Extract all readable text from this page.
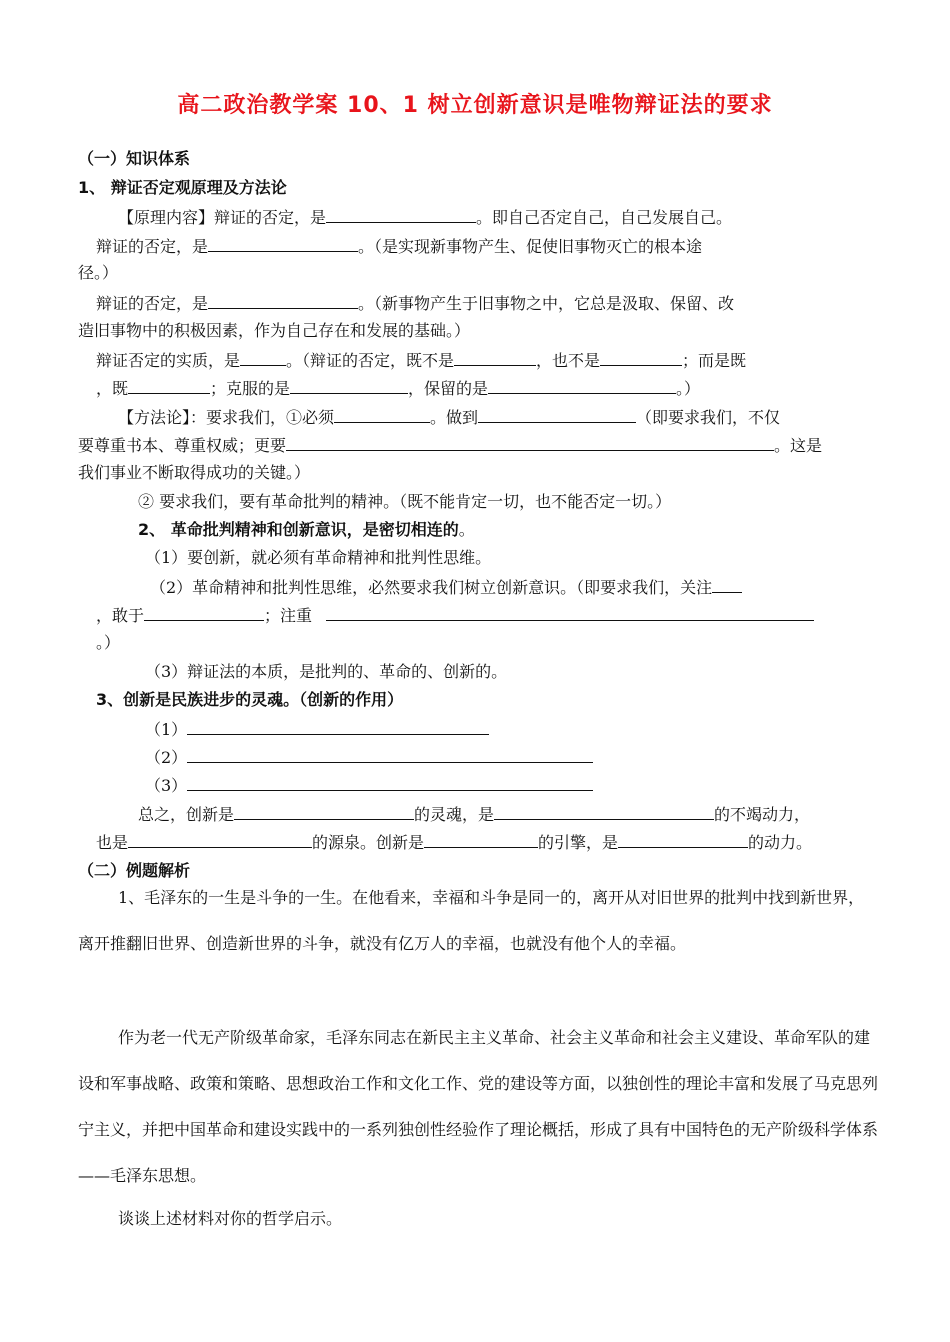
高二政治教学案 10、1 树立创新意识是唯物辩证法的要求
（一）知识体系
1、 辩证否定观原理及方法论
【原理内容】辩证的否定，是	。即自己否定自己，自己发展自己。
辩证的否定，是	。（是实现新事物产生、促使旧事物灭亡的根本途
径。）
辩证的否定，是	。（新事物产生于旧事物之中，它总是汲取、保留、改
造旧事物中的积极因素，作为自己存在和发展的基础。）
辩证否定的实质，是	。（辩证的否定，既不是	，也不是	；而是既
，既	；克服的是	，保留的是	。）
【方法论】：要求我们，①必须	。做到	（即要求我们，不仅
要尊重书本、尊重权威；更要	。这是
我们事业不断取得成功的关键。）
② 要求我们，要有革命批判的精神。（既不能肯定一切，也不能否定一切。）
2、 革命批判精神和创新意识，是密切相连的。
（1）要创新，就必须有革命精神和批判性思维。
（2）革命精神和批判性思维，必然要求我们树立创新意识。（即要求我们，关注
，敢于	；注重
。）
（3）辩证法的本质，是批判的、革命的、创新的。
3、创新是民族进步的灵魂。（创新的作用）
（1）
（2）
（3）
总之，创新是	的灵魂，是	的不竭动力，
也是	的源泉。创新是	的引擎，是	的动力。
（二）例题解析
1、毛泽东的一生是斗争的一生。在他看来，幸福和斗争是同一的，离开从对旧世界的批判中找到新世界，离开推翻旧世界、创造新世界的斗争，就没有亿万人的幸福，也就没有他个人的幸福。
作为老一代无产阶级革命家，毛泽东同志在新民主主义革命、社会主义革命和社会主义建设、革命军队的建设和军事战略、政策和策略、思想政治工作和文化工作、党的建设等方面，以独创性的理论丰富和发展了马克思列宁主义，并把中国革命和建设实践中的一系列独创性经验作了理论概括，形成了具有中国特色的无产阶级科学体系——毛泽东思想。
谈谈上述材料对你的哲学启示。
